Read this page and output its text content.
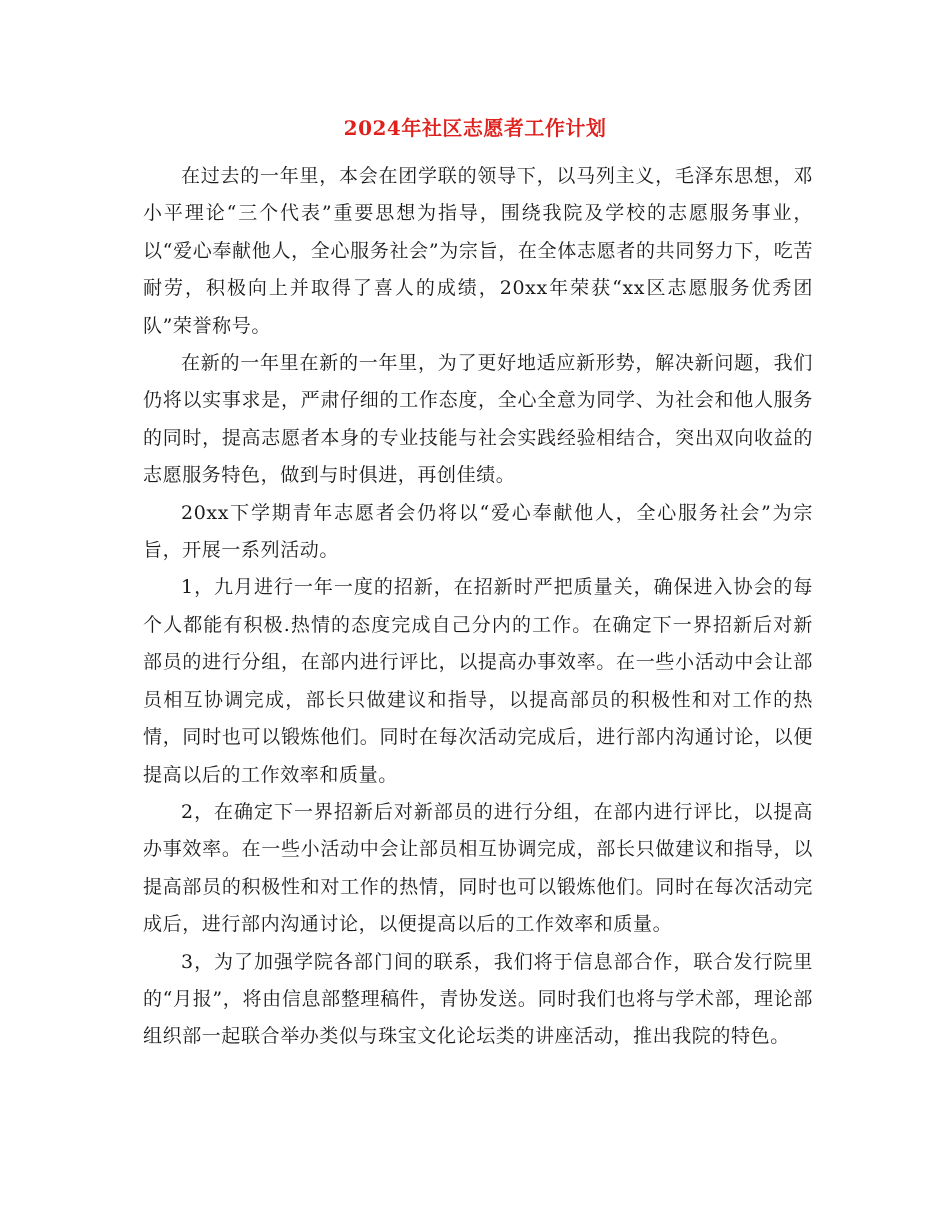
2024年社区志愿者工作计划

在过去的一年里，本会在团学联的领导下，以马列主义，毛泽东思想，邓小平理论“三个代表”重要思想为指导，围绕我院及学校的志愿服务事业，以“爱心奉献他人，全心服务社会”为宗旨，在全体志愿者的共同努力下，吃苦耐劳，积极向上并取得了喜人的成绩，20xx年荣获“xx区志愿服务优秀团队”荣誉称号。

在新的一年里在新的一年里，为了更好地适应新形势，解决新问题，我们仍将以实事求是，严肃仔细的工作态度，全心全意为同学、为社会和他人服务的同时，提高志愿者本身的专业技能与社会实践经验相结合，突出双向收益的志愿服务特色，做到与时俱进，再创佳绩。

20xx下学期青年志愿者会仍将以“爱心奉献他人，全心服务社会”为宗旨，开展一系列活动。

1，九月进行一年一度的招新，在招新时严把质量关，确保进入协会的每个人都能有积极.热情的态度完成自己分内的工作。在确定下一界招新后对新部员的进行分组，在部内进行评比，以提高办事效率。在一些小活动中会让部员相互协调完成，部长只做建议和指导，以提高部员的积极性和对工作的热情，同时也可以锻炼他们。同时在每次活动完成后，进行部内沟通讨论，以便提高以后的工作效率和质量。

2，在确定下一界招新后对新部员的进行分组，在部内进行评比，以提高办事效率。在一些小活动中会让部员相互协调完成，部长只做建议和指导，以提高部员的积极性和对工作的热情，同时也可以锻炼他们。同时在每次活动完成后，进行部内沟通讨论，以便提高以后的工作效率和质量。

3，为了加强学院各部门间的联系，我们将于信息部合作，联合发行院里的“月报”，将由信息部整理稿件，青协发送。同时我们也将与学术部，理论部组织部一起联合举办类似与珠宝文化论坛类的讲座活动，推出我院的特色。
